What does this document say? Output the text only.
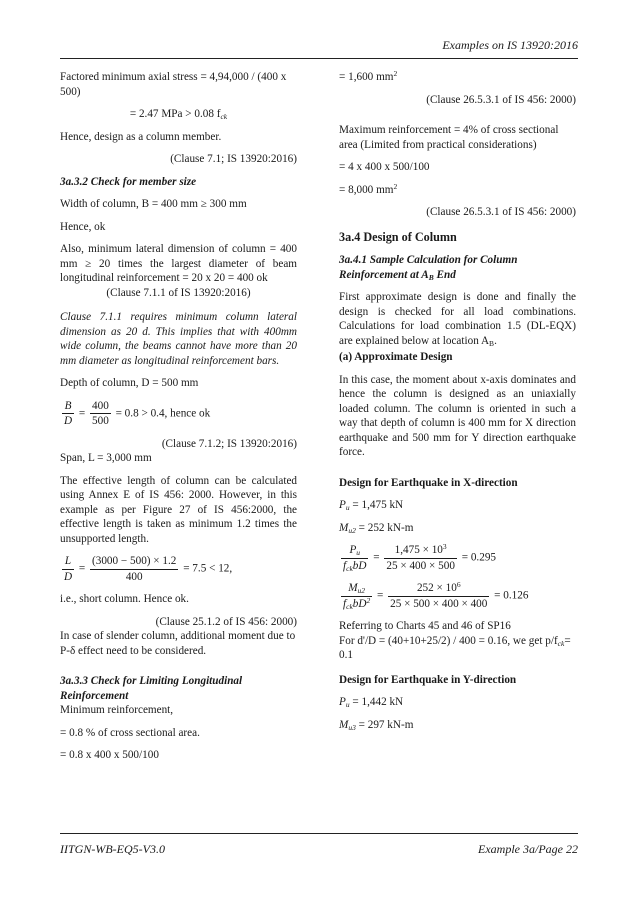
Examples on IS 13920:2016

Factored minimum axial stress = 4,94,000 / (400 x 500)

= 2.47 MPa > 0.08 $f_{ck}$

Hence, design as a column member.

(Clause 7.1; IS 13920:2016)

3a.3.2 Check for member size

Width of column, B = 400 mm ≥ 300 mm

Hence, ok

Also, minimum lateral dimension of column = 400 mm ≥ 20 times the largest diameter of beam longitudinal reinforcement = 20 x 20 = 400 ok

(Clause 7.1.1 of IS 13920:2016)

Clause 7.1.1 requires minimum column lateral dimension as 20 d. This implies that with 400mm wide column, the beams cannot have more than 20 mm diameter as longitudinal reinforcement bars.

Depth of column, D = 500 mm

$\frac{B}{D} = \frac{400}{500} = 0.8 > 0.4$, hence ok

(Clause 7.1.2; IS 13920:2016)

Span, L = 3,000 mm

The effective length of column can be calculated using Annex E of IS 456: 2000. However, in this example as per Figure 27 of IS 456:2000, the effective length is taken as minimum 1.2 times the unsupported length.

$\frac{L}{D} = \frac{(3000 - 500) \times 1.2}{400} = 7.5 < 12$,

i.e., short column. Hence ok.

(Clause 25.1.2 of IS 456: 2000)

In case of slender column, additional moment due to P-δ effect need to be considered.

3a.3.3 Check for Limiting Longitudinal Reinforcement

Minimum reinforcement,

= 0.8 % of cross sectional area.

= 0.8 x 400 x 500/100

= 1,600 $mm^2$

(Clause 26.5.3.1 of IS 456: 2000)

Maximum reinforcement = 4% of cross sectional area (Limited from practical considerations)

= 4 x 400 x 500/100

= 8,000 $mm^2$

(Clause 26.5.3.1 of IS 456: 2000)

3a.4 Design of Column

3a.4.1 Sample Calculation for Column Reinforcement at $A_B$ End

First approximate design is done and finally the design is checked for all load combinations. Calculations for load combination 1.5 (DL-EQX) are explained below at location $A_B$.

(a) Approximate Design

In this case, the moment about x-axis dominates and hence the column is designed as an uniaxially loaded column. The column is oriented in such a way that depth of column is 400 mm for X direction earthquake and 500 mm for Y direction earthquake force.

Design for Earthquake in X-direction

$P_u = 1,475$ kN

$M_{u2} = 252$ kN-m

$\frac{P_u}{f_{ck}bD} = \frac{1,475 \times 10^3}{25 \times 400 \times 500} = 0.295$
$\frac{M_{u2}}{f_{ck}bD^2} = \frac{252 \times 10^6}{25 \times 500 \times 400 \times 400} = 0.126$

Referring to Charts 45 and 46 of SP16
For d'/D = (40+10+25/2) / 400 = 0.16, we get $p/f_{ck}= 0.1$

Design for Earthquake in Y-direction

$P_u = 1,442$ kN

$M_{u3} = 297$ kN-m

IITGN-WB-EQ5-V3.0	Example 3a/Page 22
